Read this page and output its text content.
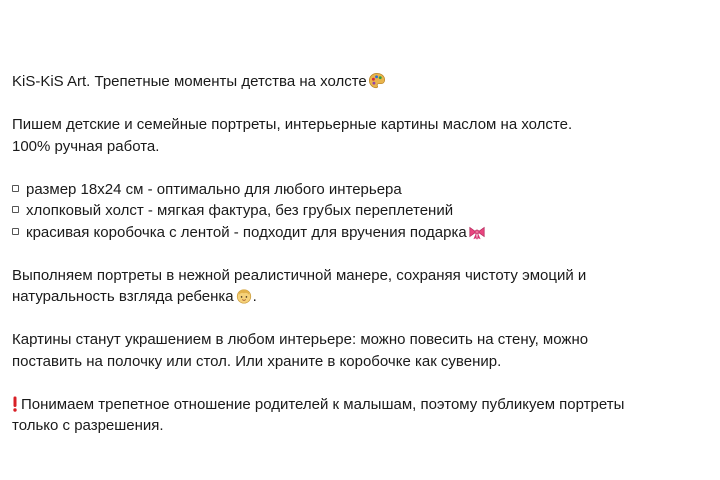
KiS-KiS Art. Трепетные моменты детства на холсте
Пишем детские и семейные портреты, интерьерные картины маслом на холсте.
100% ручная работа.
размер 18x24 см - оптимально для любого интерьера
хлопковый холст - мягкая фактура, без грубых переплетений
красивая коробочка с лентой - подходит для вручения подарка
Выполняем портреты в нежной реалистичной манере, сохраняя чистоту эмоций и
натуральность взгляда ребенка .
Картины станут украшением в любом интерьере: можно повесить на стену, можно
поставить на полочку или стол. Или храните в коробочке как сувенир.
Понимаем трепетное отношение родителей к малышам, поэтому публикуем портреты
только с разрешения.
